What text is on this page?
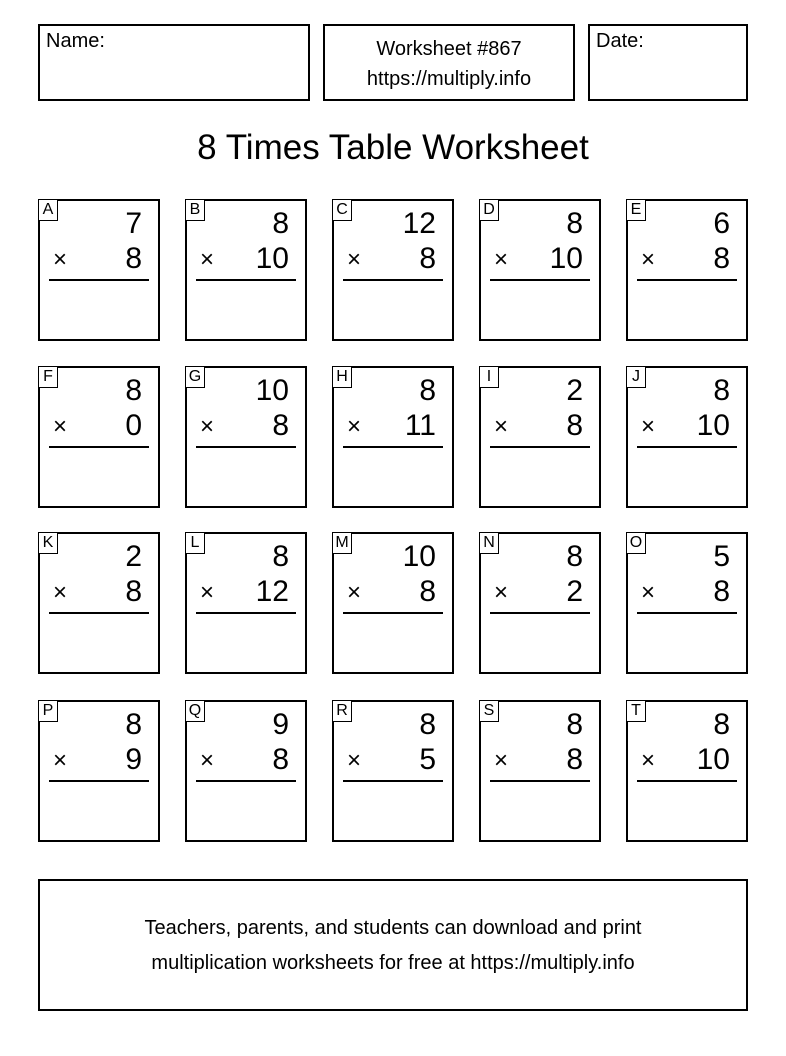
Name:	Worksheet #867
https://multiply.info
Date:
8 Times Table Worksheet
A 7
× 8
B 8
× 10
C 12
× 8
D 8
× 10
E 6
× 8
F 8
× 0
G 10
× 8
H 8
× 11
I	2
× 8
J 8
× 10
K 2
× 8
L 8
× 12
M 10
× 8
N 8
× 2
O 5
× 8
P 8
× 9
Q 9
× 8
R 8
× 5
S 8
× 8
T 8
× 10
Teachers, parents, and students can download and print
multiplication worksheets for free at https://multiply.info
